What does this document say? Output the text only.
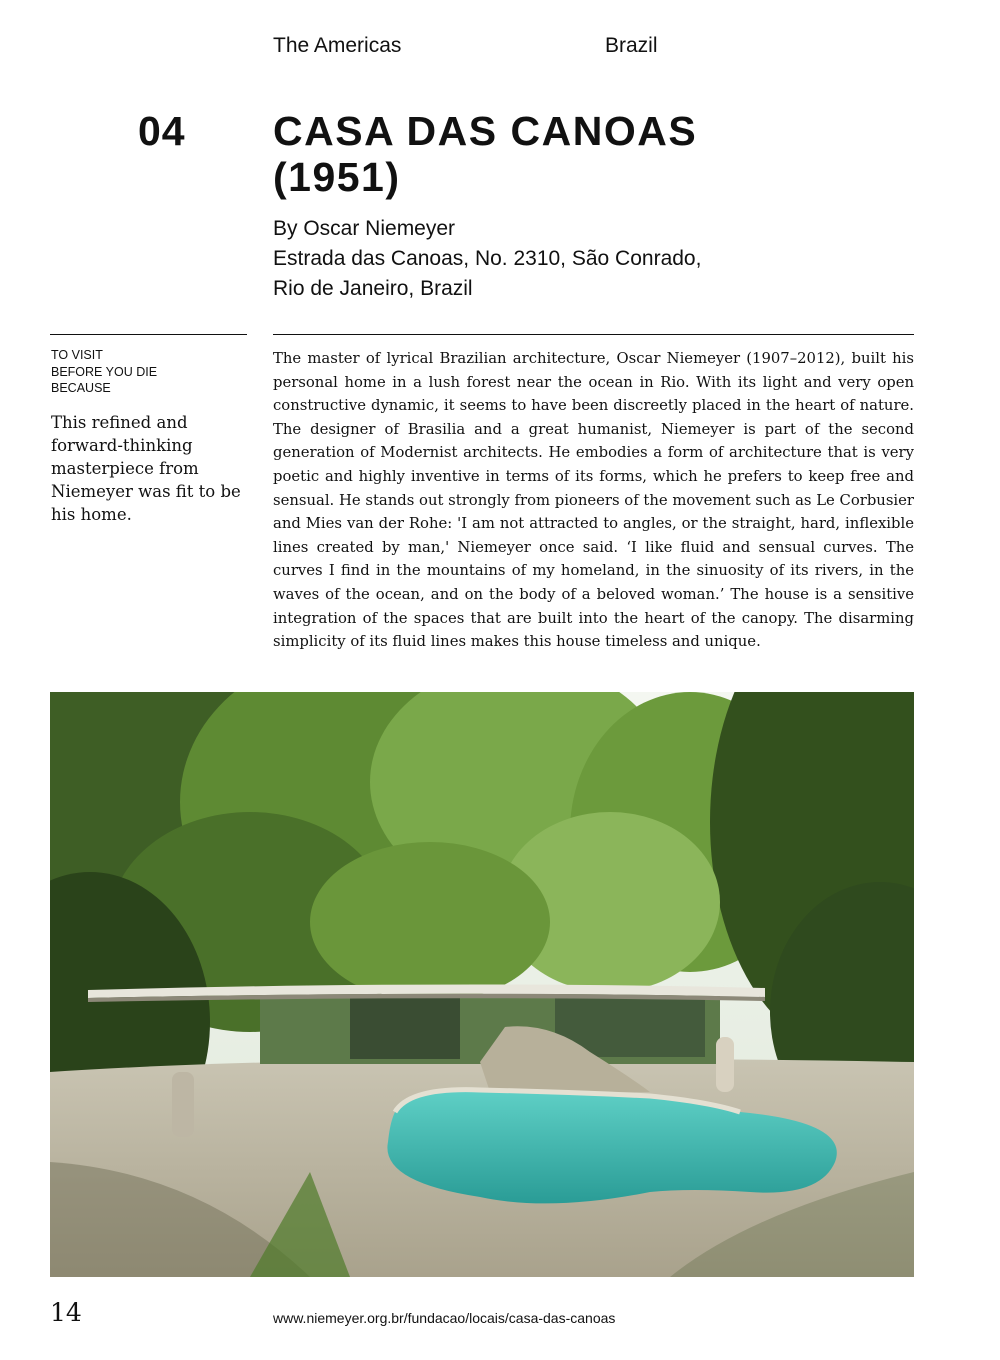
The Americas	Brazil
04 CASA DAS CANOAS (1951)
By Oscar Niemeyer
Estrada das Canoas, No. 2310, São Conrado,
Rio de Janeiro, Brazil
TO VISIT
BEFORE YOU DIE
BECAUSE
This refined and forward-thinking masterpiece from Niemeyer was fit to be his home.

The master of lyrical Brazilian architecture, Oscar Niemeyer (1907–2012), built his personal home in a lush forest near the ocean in Rio. With its light and very open constructive dynamic, it seems to have been discreetly placed in the heart of nature. The designer of Brasilia and a great humanist, Niemeyer is part of the second generation of Modernist architects. He embodies a form of architecture that is very poetic and highly inventive in terms of its forms, which he prefers to keep free and sensual. He stands out strongly from pioneers of the movement such as Le Corbusier and Mies van der Rohe: 'I am not attracted to angles, or the straight, hard, inflexible lines created by man,' Niemeyer once said. ‘I like fluid and sensual curves. The curves I find in the mountains of my homeland, in the sinuosity of its rivers, in the waves of the ocean, and on the body of a beloved woman.’ The house is a sensitive integration of the spaces that are built into the heart of the canopy. The disarming simplicity of its fluid lines makes this house timeless and unique.

14	www.niemeyer.org.br/fundacao/locais/casa-das-canoas
